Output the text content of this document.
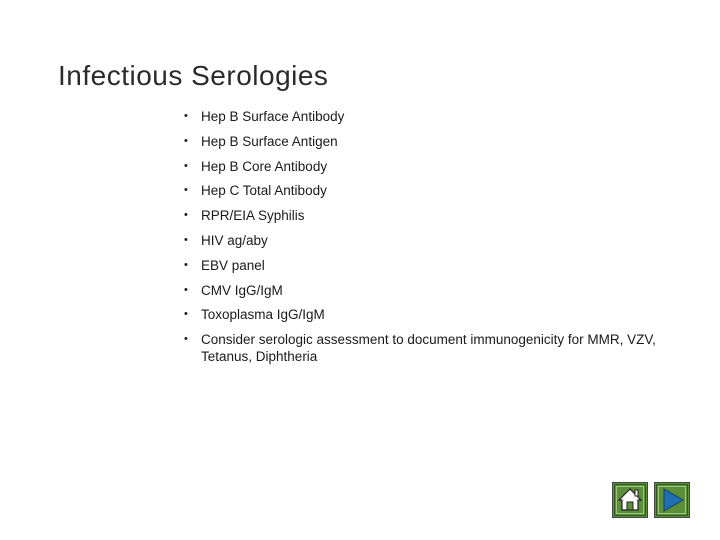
Infectious Serologies
• Hep B Surface Antibody
• Hep B Surface Antigen
• Hep B Core Antibody
• Hep C Total Antibody
• RPR/EIA Syphilis
• HIV ag/aby
• EBV panel
• CMV IgG/IgM
• Toxoplasma IgG/IgM
• Consider serologic assessment to document immunogenicity for MMR, VZV, Tetanus, Diphtheria
